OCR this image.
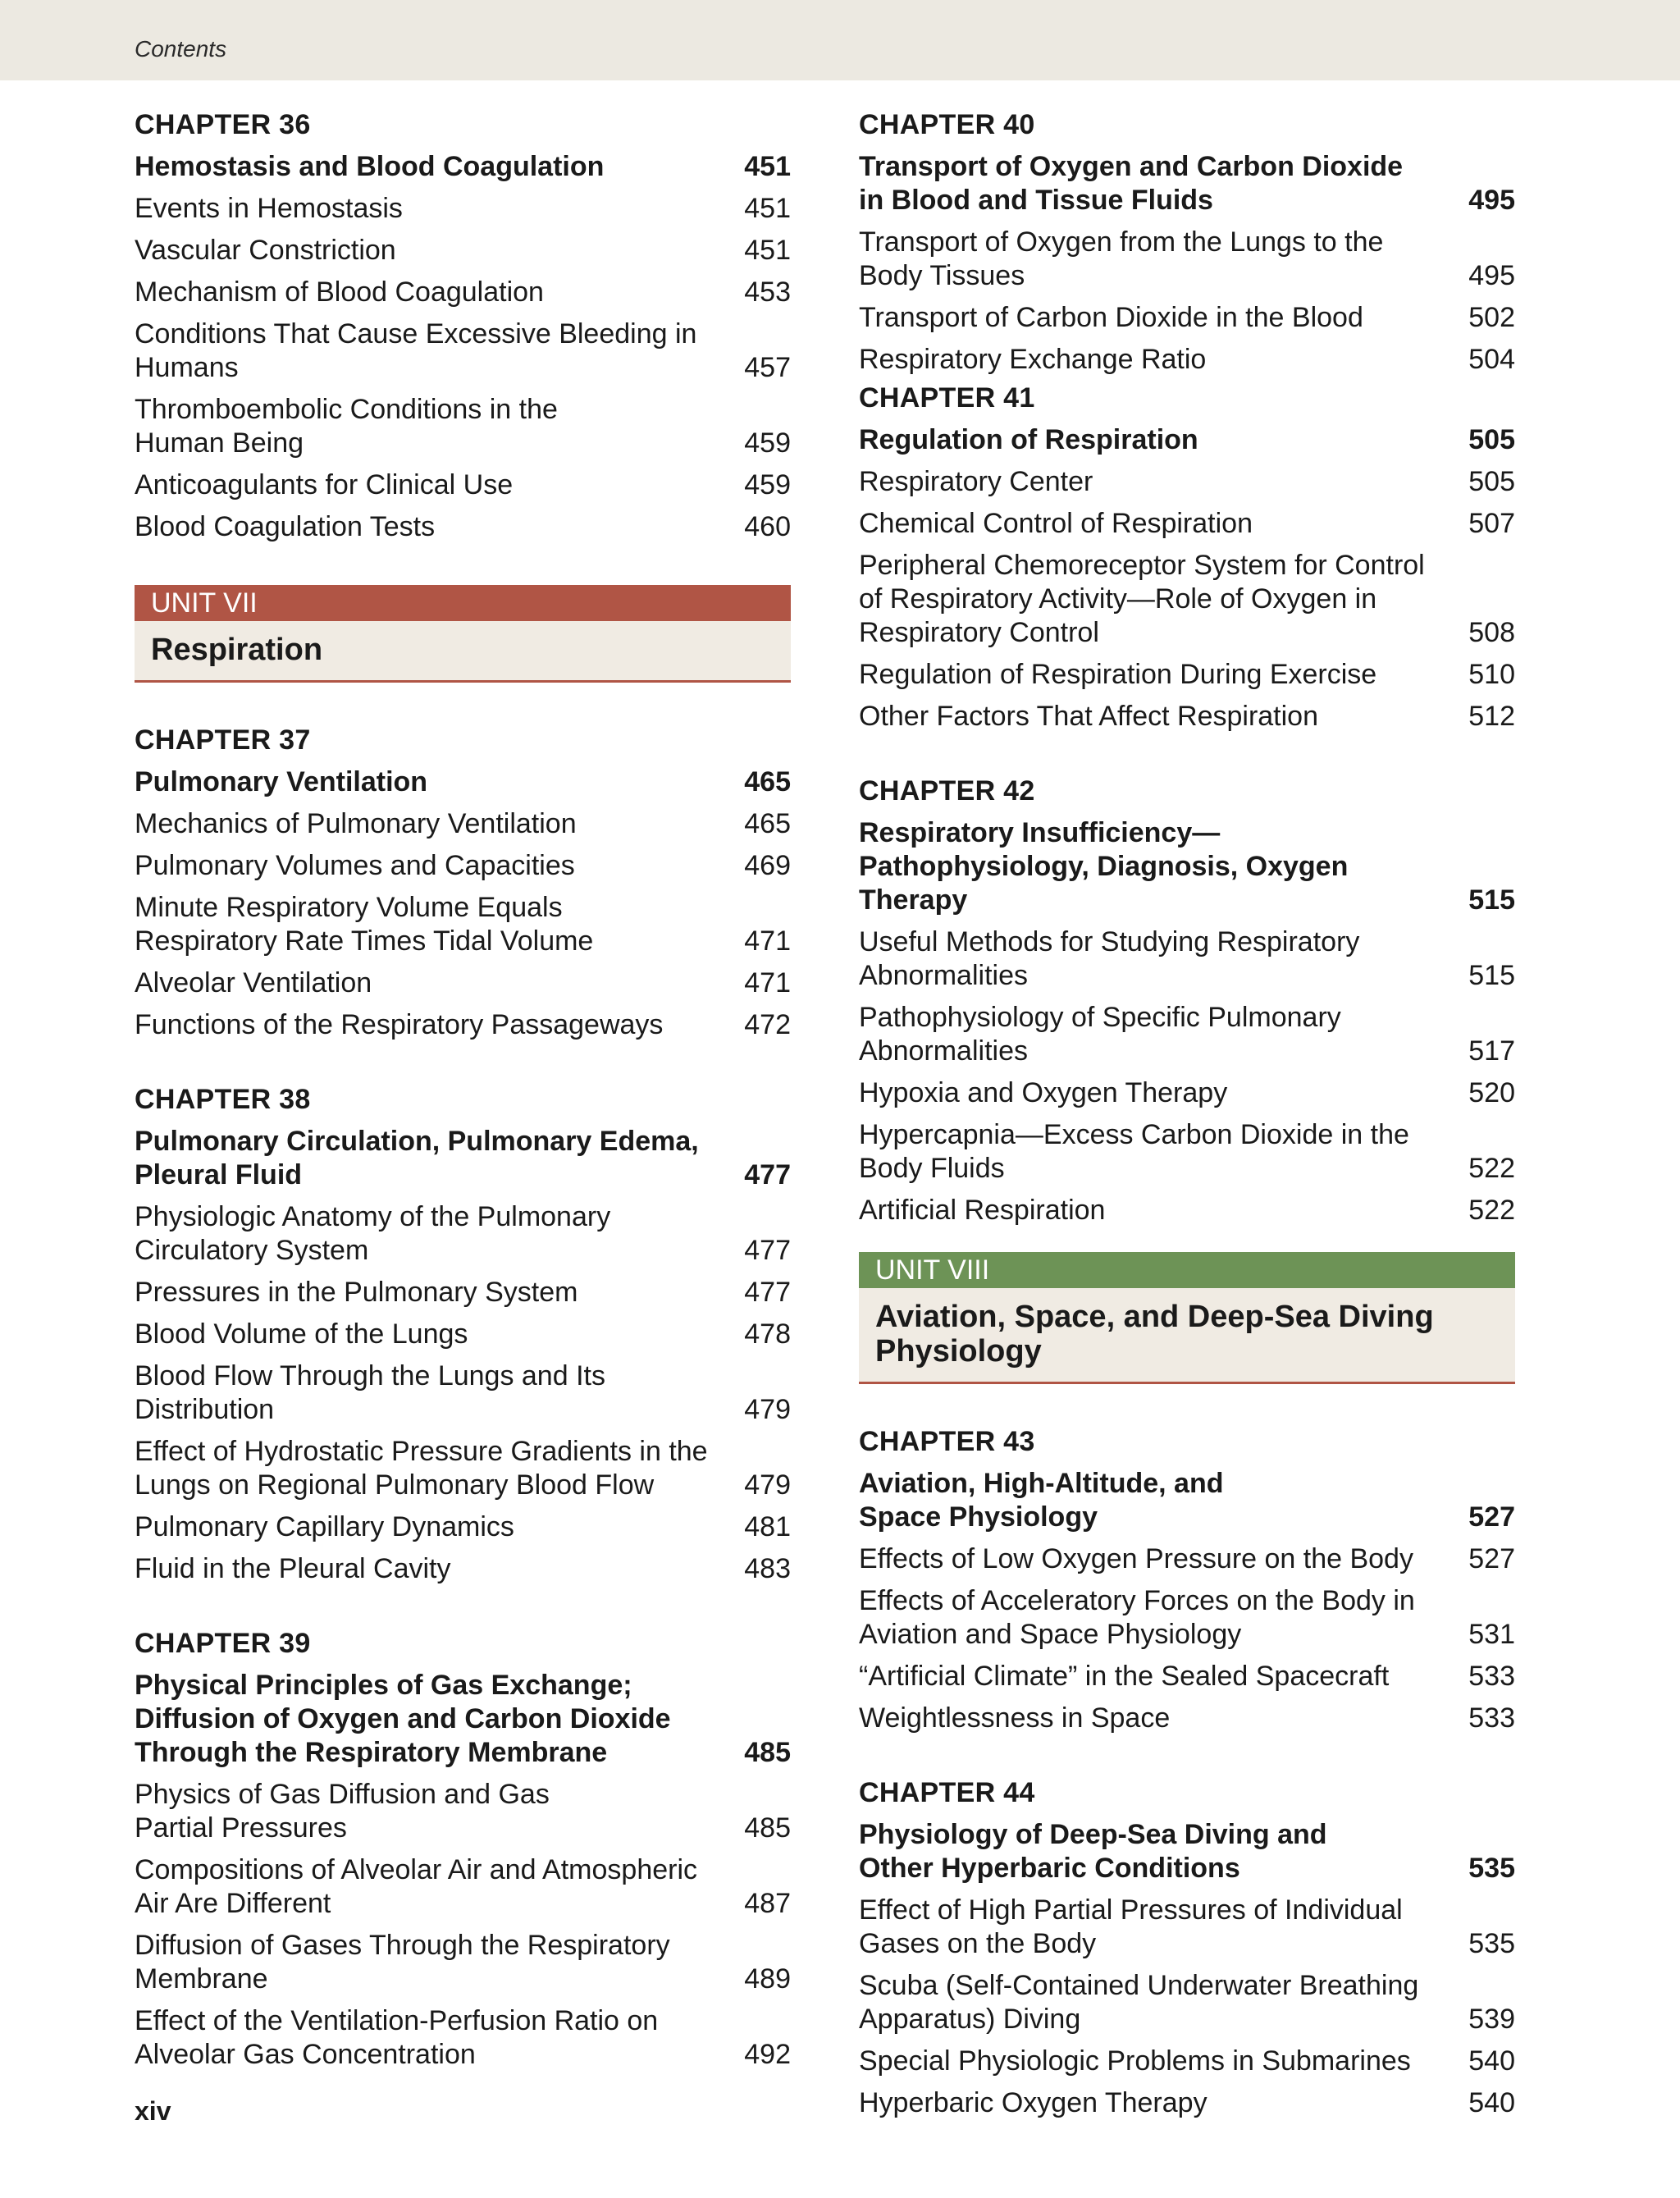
Contents
CHAPTER 36
Hemostasis and Blood Coagulation	451
Events in Hemostasis	451
Vascular Constriction	451
Mechanism of Blood Coagulation	453
Conditions That Cause Excessive Bleeding in Humans	457
Thromboembolic Conditions in the Human Being	459
Anticoagulants for Clinical Use	459
Blood Coagulation Tests	460
UNIT VII
Respiration
CHAPTER 37
Pulmonary Ventilation	465
Mechanics of Pulmonary Ventilation	465
Pulmonary Volumes and Capacities	469
Minute Respiratory Volume Equals Respiratory Rate Times Tidal Volume	471
Alveolar Ventilation	471
Functions of the Respiratory Passageways	472
CHAPTER 38
Pulmonary Circulation, Pulmonary Edema, Pleural Fluid	477
Physiologic Anatomy of the Pulmonary Circulatory System	477
Pressures in the Pulmonary System	477
Blood Volume of the Lungs	478
Blood Flow Through the Lungs and Its Distribution	479
Effect of Hydrostatic Pressure Gradients in the Lungs on Regional Pulmonary Blood Flow	479
Pulmonary Capillary Dynamics	481
Fluid in the Pleural Cavity	483
CHAPTER 39
Physical Principles of Gas Exchange; Diffusion of Oxygen and Carbon Dioxide Through the Respiratory Membrane	485
Physics of Gas Diffusion and Gas Partial Pressures	485
Compositions of Alveolar Air and Atmospheric Air Are Different	487
Diffusion of Gases Through the Respiratory Membrane	489
Effect of the Ventilation-Perfusion Ratio on Alveolar Gas Concentration	492
CHAPTER 40
Transport of Oxygen and Carbon Dioxide in Blood and Tissue Fluids	495
Transport of Oxygen from the Lungs to the Body Tissues	495
Transport of Carbon Dioxide in the Blood	502
Respiratory Exchange Ratio	504
CHAPTER 41
Regulation of Respiration	505
Respiratory Center	505
Chemical Control of Respiration	507
Peripheral Chemoreceptor System for Control of Respiratory Activity—Role of Oxygen in Respiratory Control	508
Regulation of Respiration During Exercise	510
Other Factors That Affect Respiration	512
CHAPTER 42
Respiratory Insufficiency—Pathophysiology, Diagnosis, Oxygen Therapy	515
Useful Methods for Studying Respiratory Abnormalities	515
Pathophysiology of Specific Pulmonary Abnormalities	517
Hypoxia and Oxygen Therapy	520
Hypercapnia—Excess Carbon Dioxide in the Body Fluids	522
Artificial Respiration	522
UNIT VIII
Aviation, Space, and Deep-Sea Diving Physiology
CHAPTER 43
Aviation, High-Altitude, and Space Physiology	527
Effects of Low Oxygen Pressure on the Body	527
Effects of Acceleratory Forces on the Body in Aviation and Space Physiology	531
“Artificial Climate” in the Sealed Spacecraft	533
Weightlessness in Space	533
CHAPTER 44
Physiology of Deep-Sea Diving and Other Hyperbaric Conditions	535
Effect of High Partial Pressures of Individual Gases on the Body	535
Scuba (Self-Contained Underwater Breathing Apparatus) Diving	539
Special Physiologic Problems in Submarines	540
Hyperbaric Oxygen Therapy	540
xiv
